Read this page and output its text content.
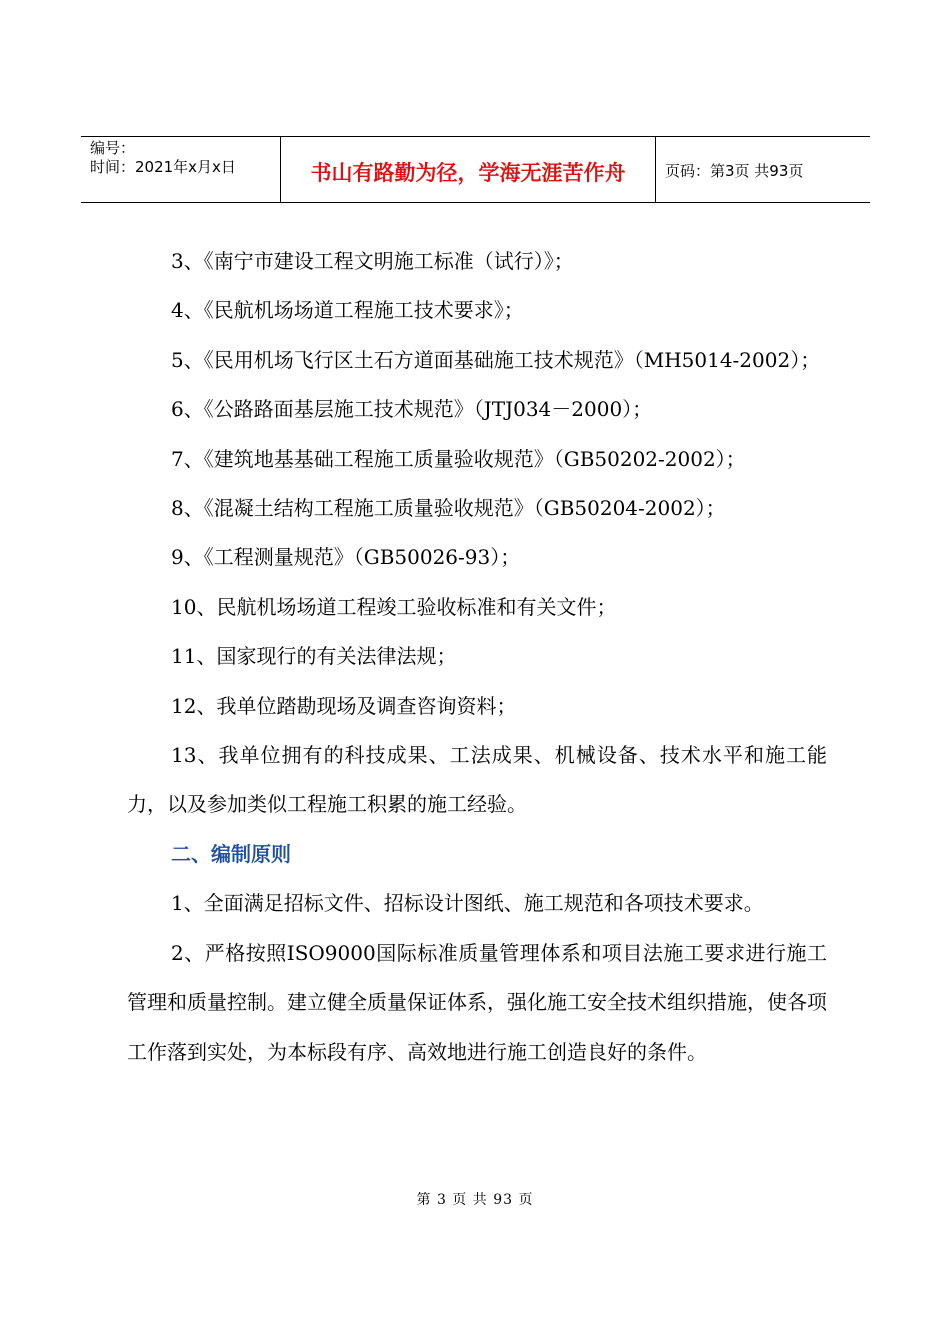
编号：
时间：2021年x月x日	书山有路勤为径，学海无涯苦作舟	页码：第3页 共93页

3、《南宁市建设工程文明施工标准（试行）》；

4、《民航机场场道工程施工技术要求》；

5、《民用机场飞行区土石方道面基础施工技术规范》（MH5014-2002）；

6、《公路路面基层施工技术规范》（JTJ034－2000）；

7、《建筑地基基础工程施工质量验收规范》（GB50202-2002）；

8、《混凝土结构工程施工质量验收规范》（GB50204-2002）；

9、《工程测量规范》（GB50026-93）；

10、民航机场场道工程竣工验收标准和有关文件；

11、国家现行的有关法律法规；

12、我单位踏勘现场及调查咨询资料；

13、我单位拥有的科技成果、工法成果、机械设备、技术水平和施工能力，以及参加类似工程施工积累的施工经验。

二、编制原则

1、全面满足招标文件、招标设计图纸、施工规范和各项技术要求。

2、严格按照ISO9000国际标准质量管理体系和项目法施工要求进行施工管理和质量控制。建立健全质量保证体系，强化施工安全技术组织措施，使各项工作落到实处，为本标段有序、高效地进行施工创造良好的条件。

第 3 页 共 93 页
